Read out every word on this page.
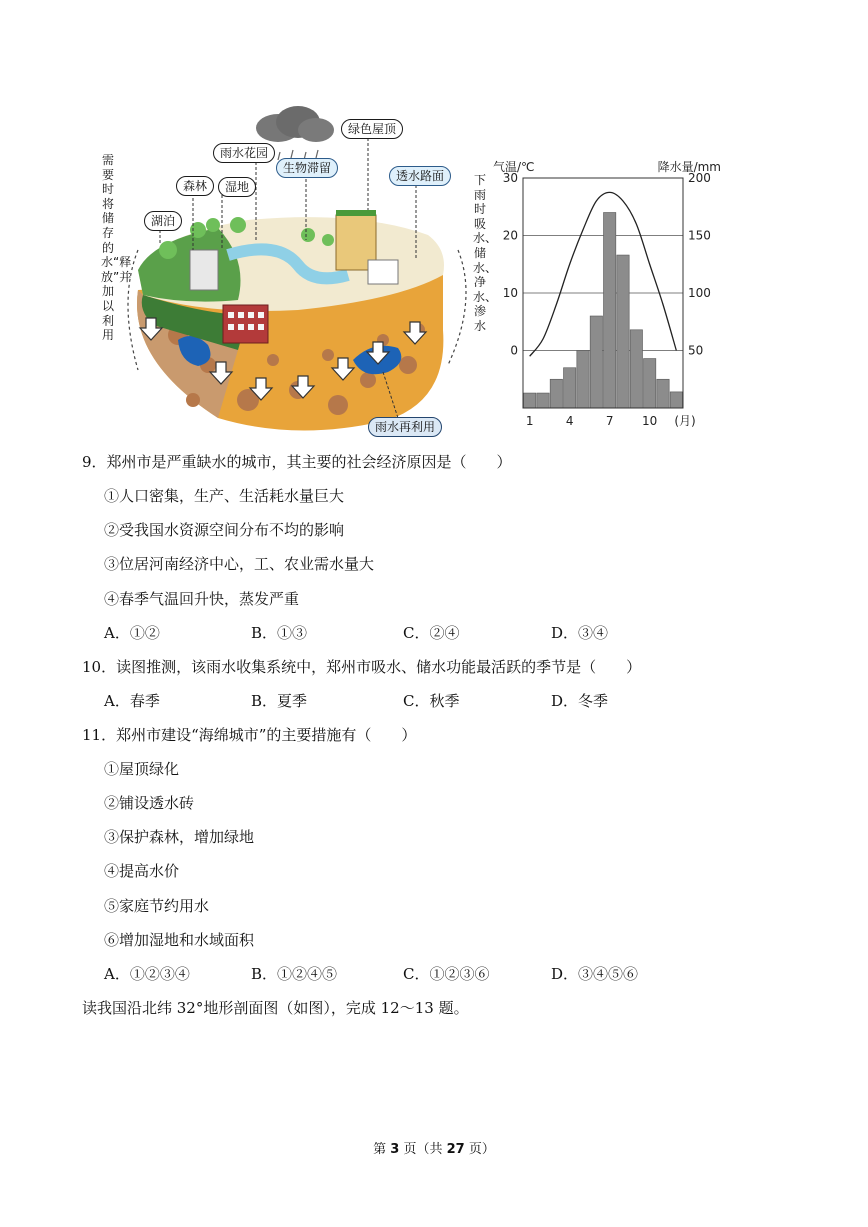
需要时将储存的水“释放”并加以利用
下雨时吸水、储水、净水、渗水
绿色屋顶
雨水花园
生物滞留
透水路面
森林	湿地
湖泊
雨水再利用
30
20
10
0
200
150
100
50
1	4	7 10 (月)
气温/℃	降水量/mm
9．郑州市是严重缺水的城市，其主要的社会经济原因是（　　）
①人口密集，生产、生活耗水量巨大
②受我国水资源空间分布不均的影响
③位居河南经济中心，工、农业需水量大
④春季气温回升快，蒸发严重
A．①②	B．①③	C．②④	D．③④
10．读图推测，该雨水收集系统中，郑州市吸水、储水功能最活跃的季节是（　　）
A．春季	B．夏季	C．秋季	D．冬季
11．郑州市建设“海绵城市”的主要措施有（　　）
①屋顶绿化
②铺设透水砖
③保护森林，增加绿地
④提高水价
⑤家庭节约用水
⑥增加湿地和水域面积
A．①②③④	B．①②④⑤	C．①②③⑥	D．③④⑤⑥
读我国沿北纬 32°地形剖面图（如图），完成 12～13 题。
第 3 页（共 27 页）
